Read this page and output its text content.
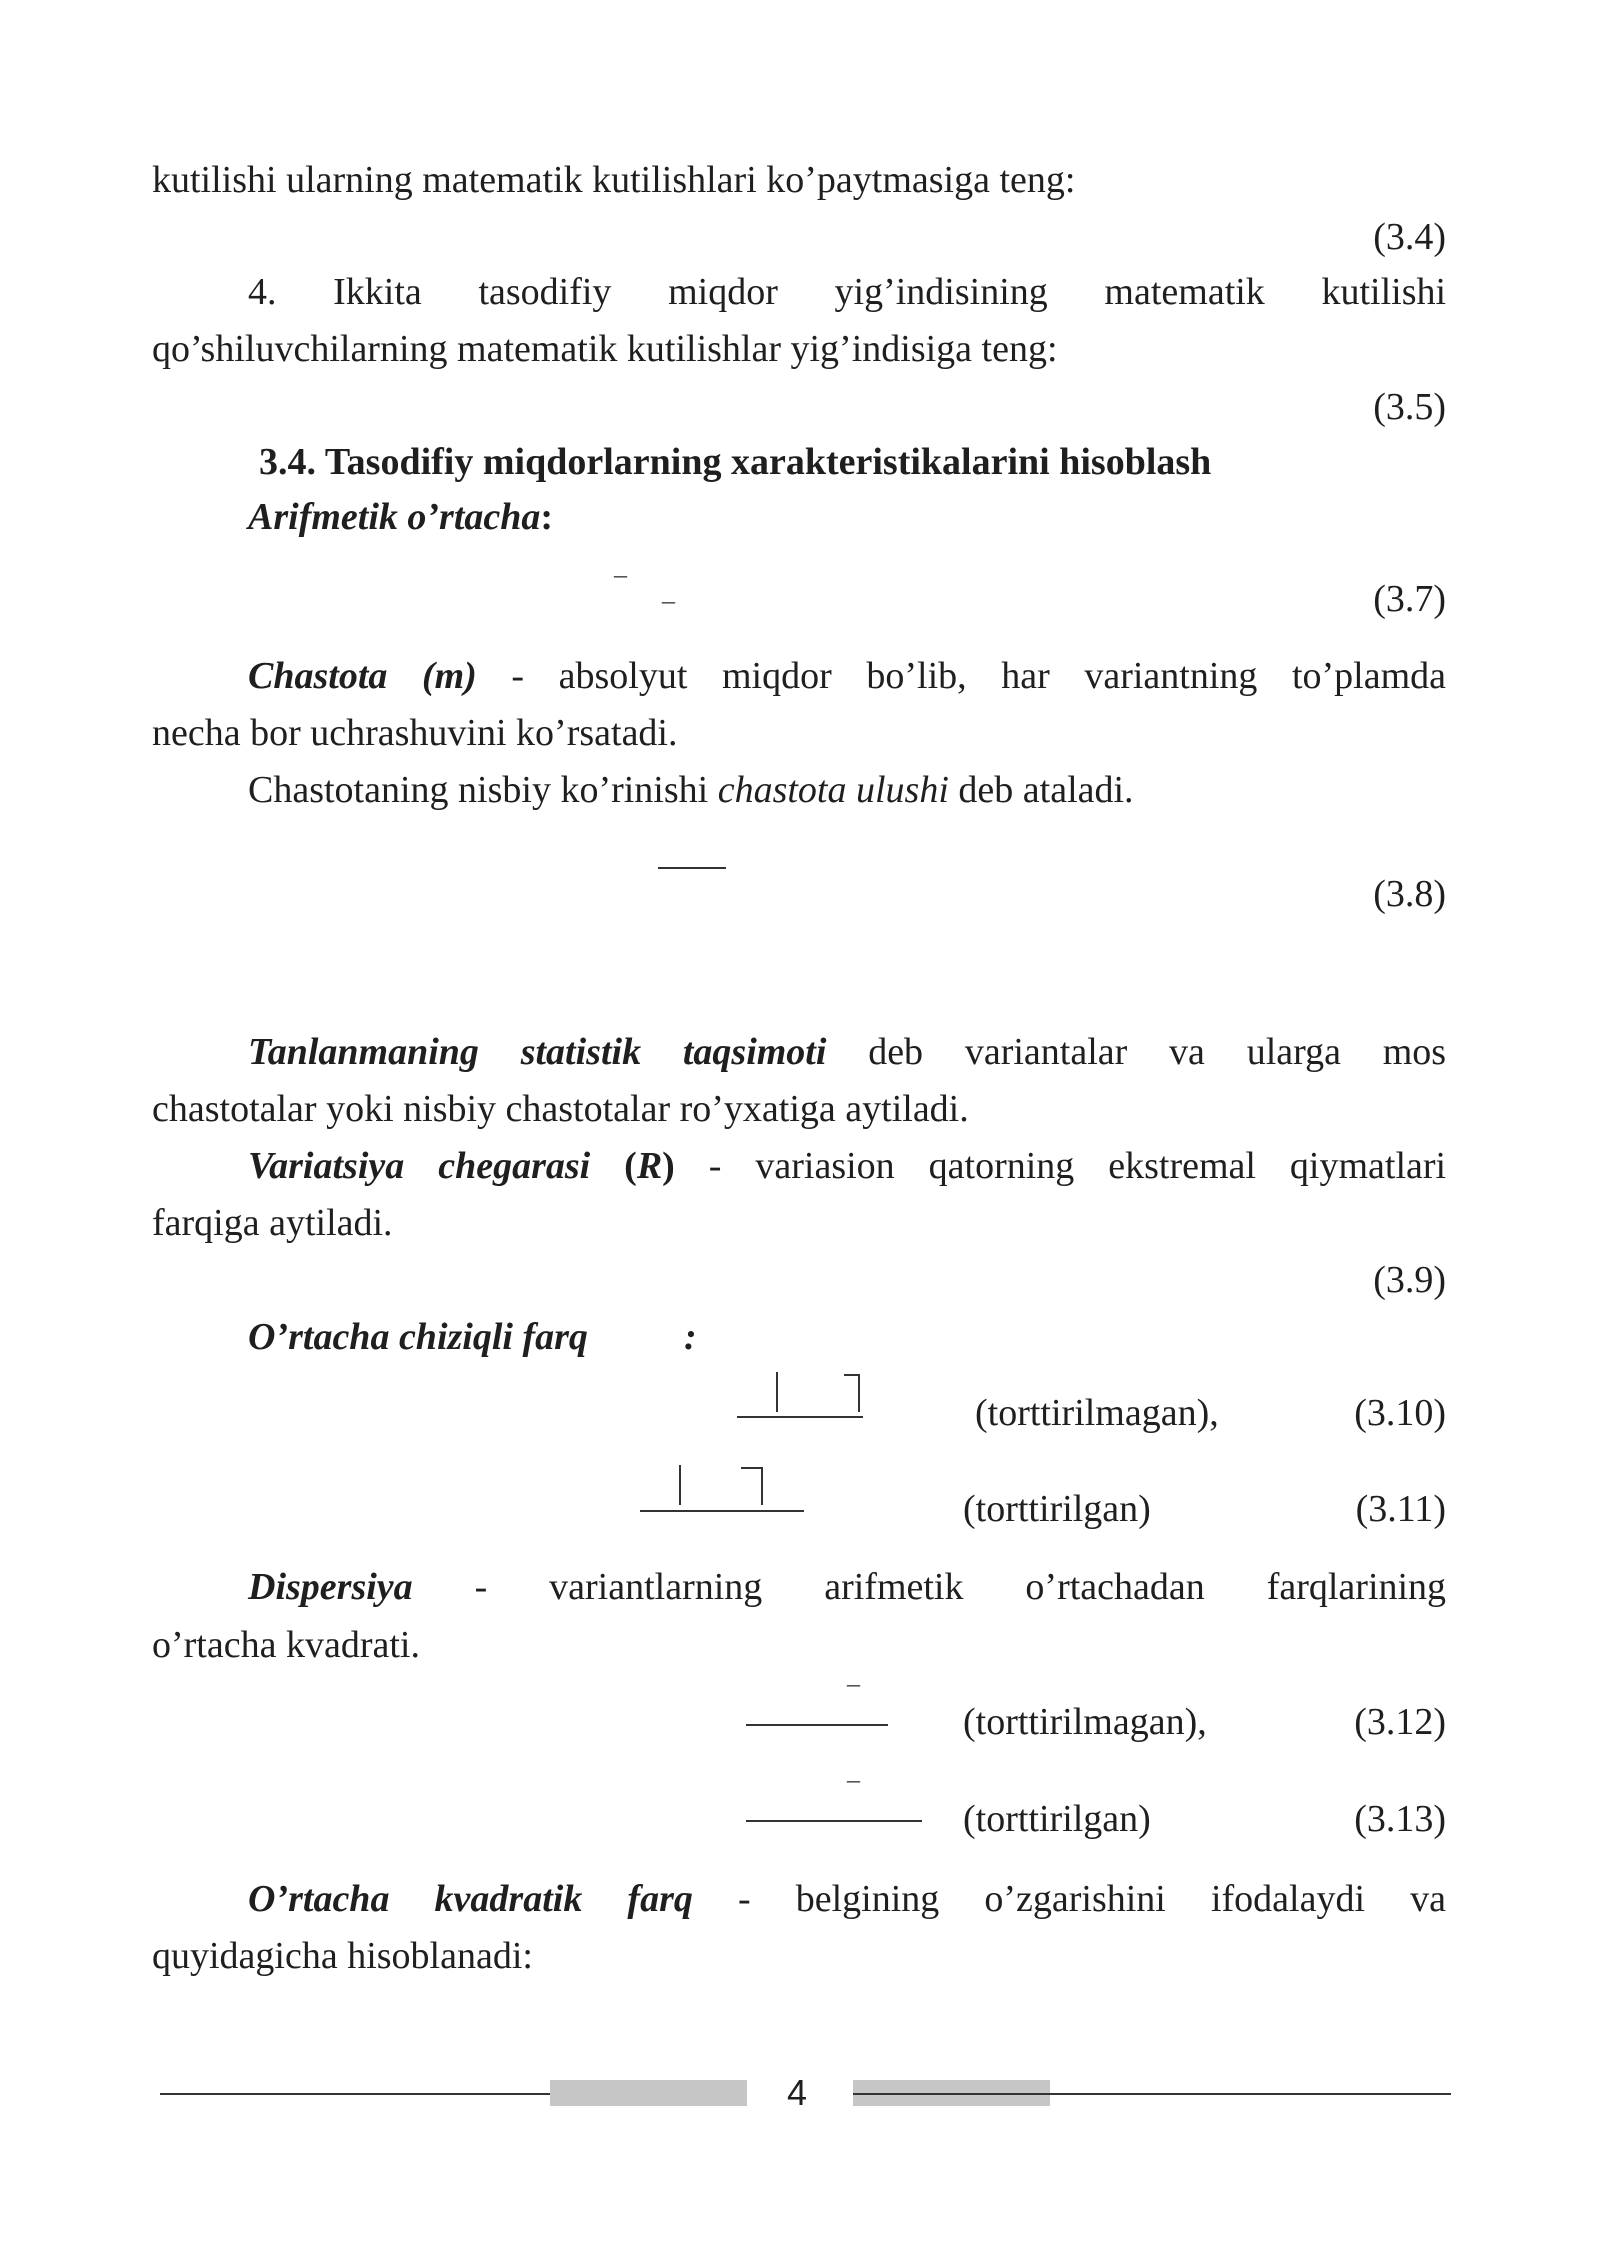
kutilishi ularning matematik kutilishlari ko’paytmasiga teng:
(3.4)
4. Ikkita tasodifiy miqdor yig’indisining matematik kutilishi
qo’shiluvchilarning matematik kutilishlar yig’indisiga teng:
(3.5)
3.4. Tasodifiy miqdorlarning xarakteristikalarini hisoblash
Arifmetik o’rtacha:
–
–	(3.7)
Chastota (m) - absolyut miqdor bo’lib, har variantning to’plamda
necha bor uchrashuvini ko’rsatadi.
Chastotaning nisbiy ko’rinishi chastota ulushi deb ataladi.
(3.8)
Tanlanmaning statistik taqsimoti deb variantalar va ularga mos
chastotalar yoki nisbiy chastotalar ro’yxatiga aytiladi.
Variatsiya chegarasi (R) - variasion qatorning ekstremal qiymatlari
farqiga aytiladi.
(3.9)
O’rtacha chiziqli farq	:
(torttirilmagan),	(3.10)
(torttirilgan)	(3.11)
Dispersiya - variantlarning arifmetik o’rtachadan farqlarining
o’rtacha kvadrati.
–
(torttirilmagan),	(3.12)
–
(torttirilgan)	(3.13)
O’rtacha kvadratik farq - belgining o’zgarishini ifodalaydi va
quyidagicha hisoblanadi:
4
